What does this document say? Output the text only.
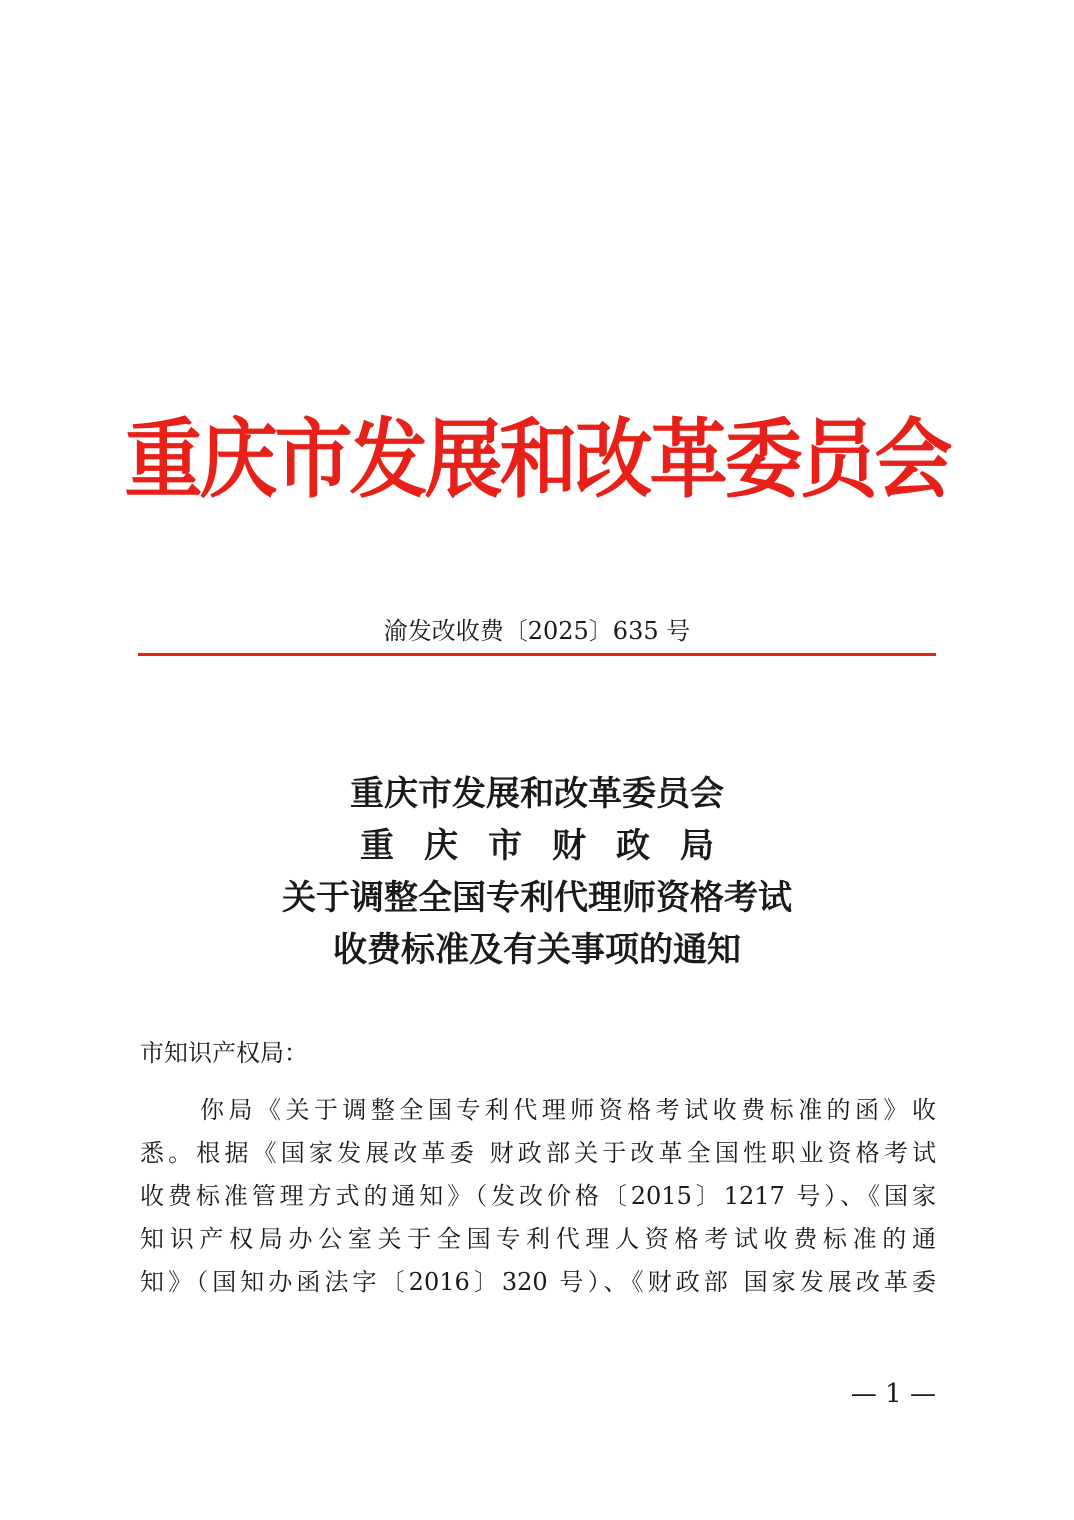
重庆市发展和改革委员会
渝发改收费〔2025〕635 号
重庆市发展和改革委员会
重庆市财政局
关于调整全国专利代理师资格考试
收费标准及有关事项的通知
市知识产权局：
你局《关于调整全国专利代理师资格考试收费标准的函》收
悉。根据《国家发展改革委 财政部关于改革全国性职业资格考试
收费标准管理方式的通知》（发改价格〔2015〕1217 号）、《国家
知识产权局办公室关于全国专利代理人资格考试收费标准的通
知》（国知办函法字〔2016〕320 号）、《财政部 国家发展改革委
— 1 —
